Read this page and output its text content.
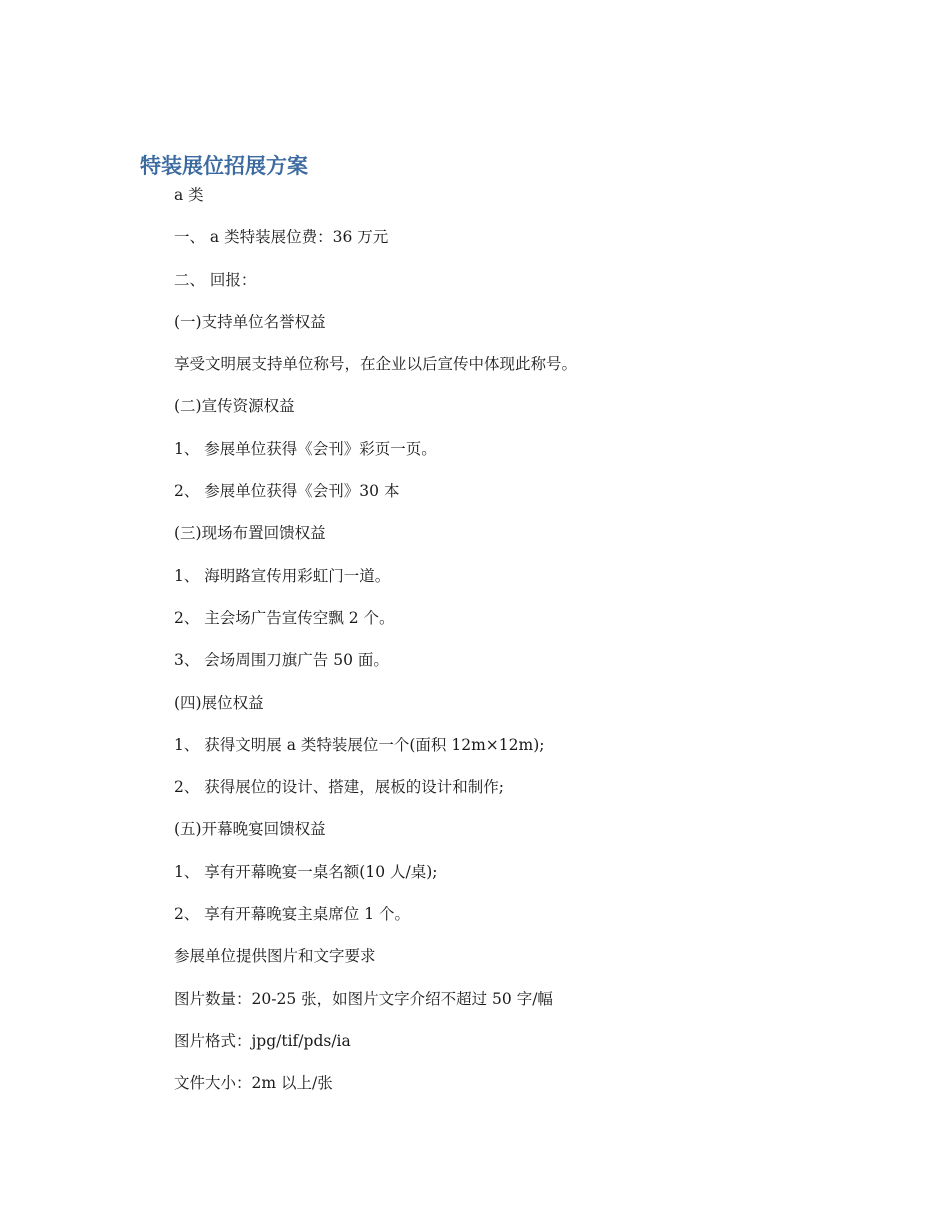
特装展位招展方案
a 类
一、 a 类特装展位费：36 万元
二、 回报：
(一)支持单位名誉权益
享受文明展支持单位称号，在企业以后宣传中体现此称号。
(二)宣传资源权益
1、 参展单位获得《会刊》彩页一页。
2、 参展单位获得《会刊》30 本
(三)现场布置回馈权益
1、 海明路宣传用彩虹门一道。
2、 主会场广告宣传空飘 2 个。
3、 会场周围刀旗广告 50 面。
(四)展位权益
1、 获得文明展 a 类特装展位一个(面积 12m×12m);
2、 获得展位的设计、搭建，展板的设计和制作;
(五)开幕晚宴回馈权益
1、 享有开幕晚宴一桌名额(10 人/桌);
2、 享有开幕晚宴主桌席位 1 个。
参展单位提供图片和文字要求
图片数量：20-25 张，如图片文字介绍不超过 50 字/幅
图片格式：jpg/tif/pds/ia
文件大小：2m 以上/张
